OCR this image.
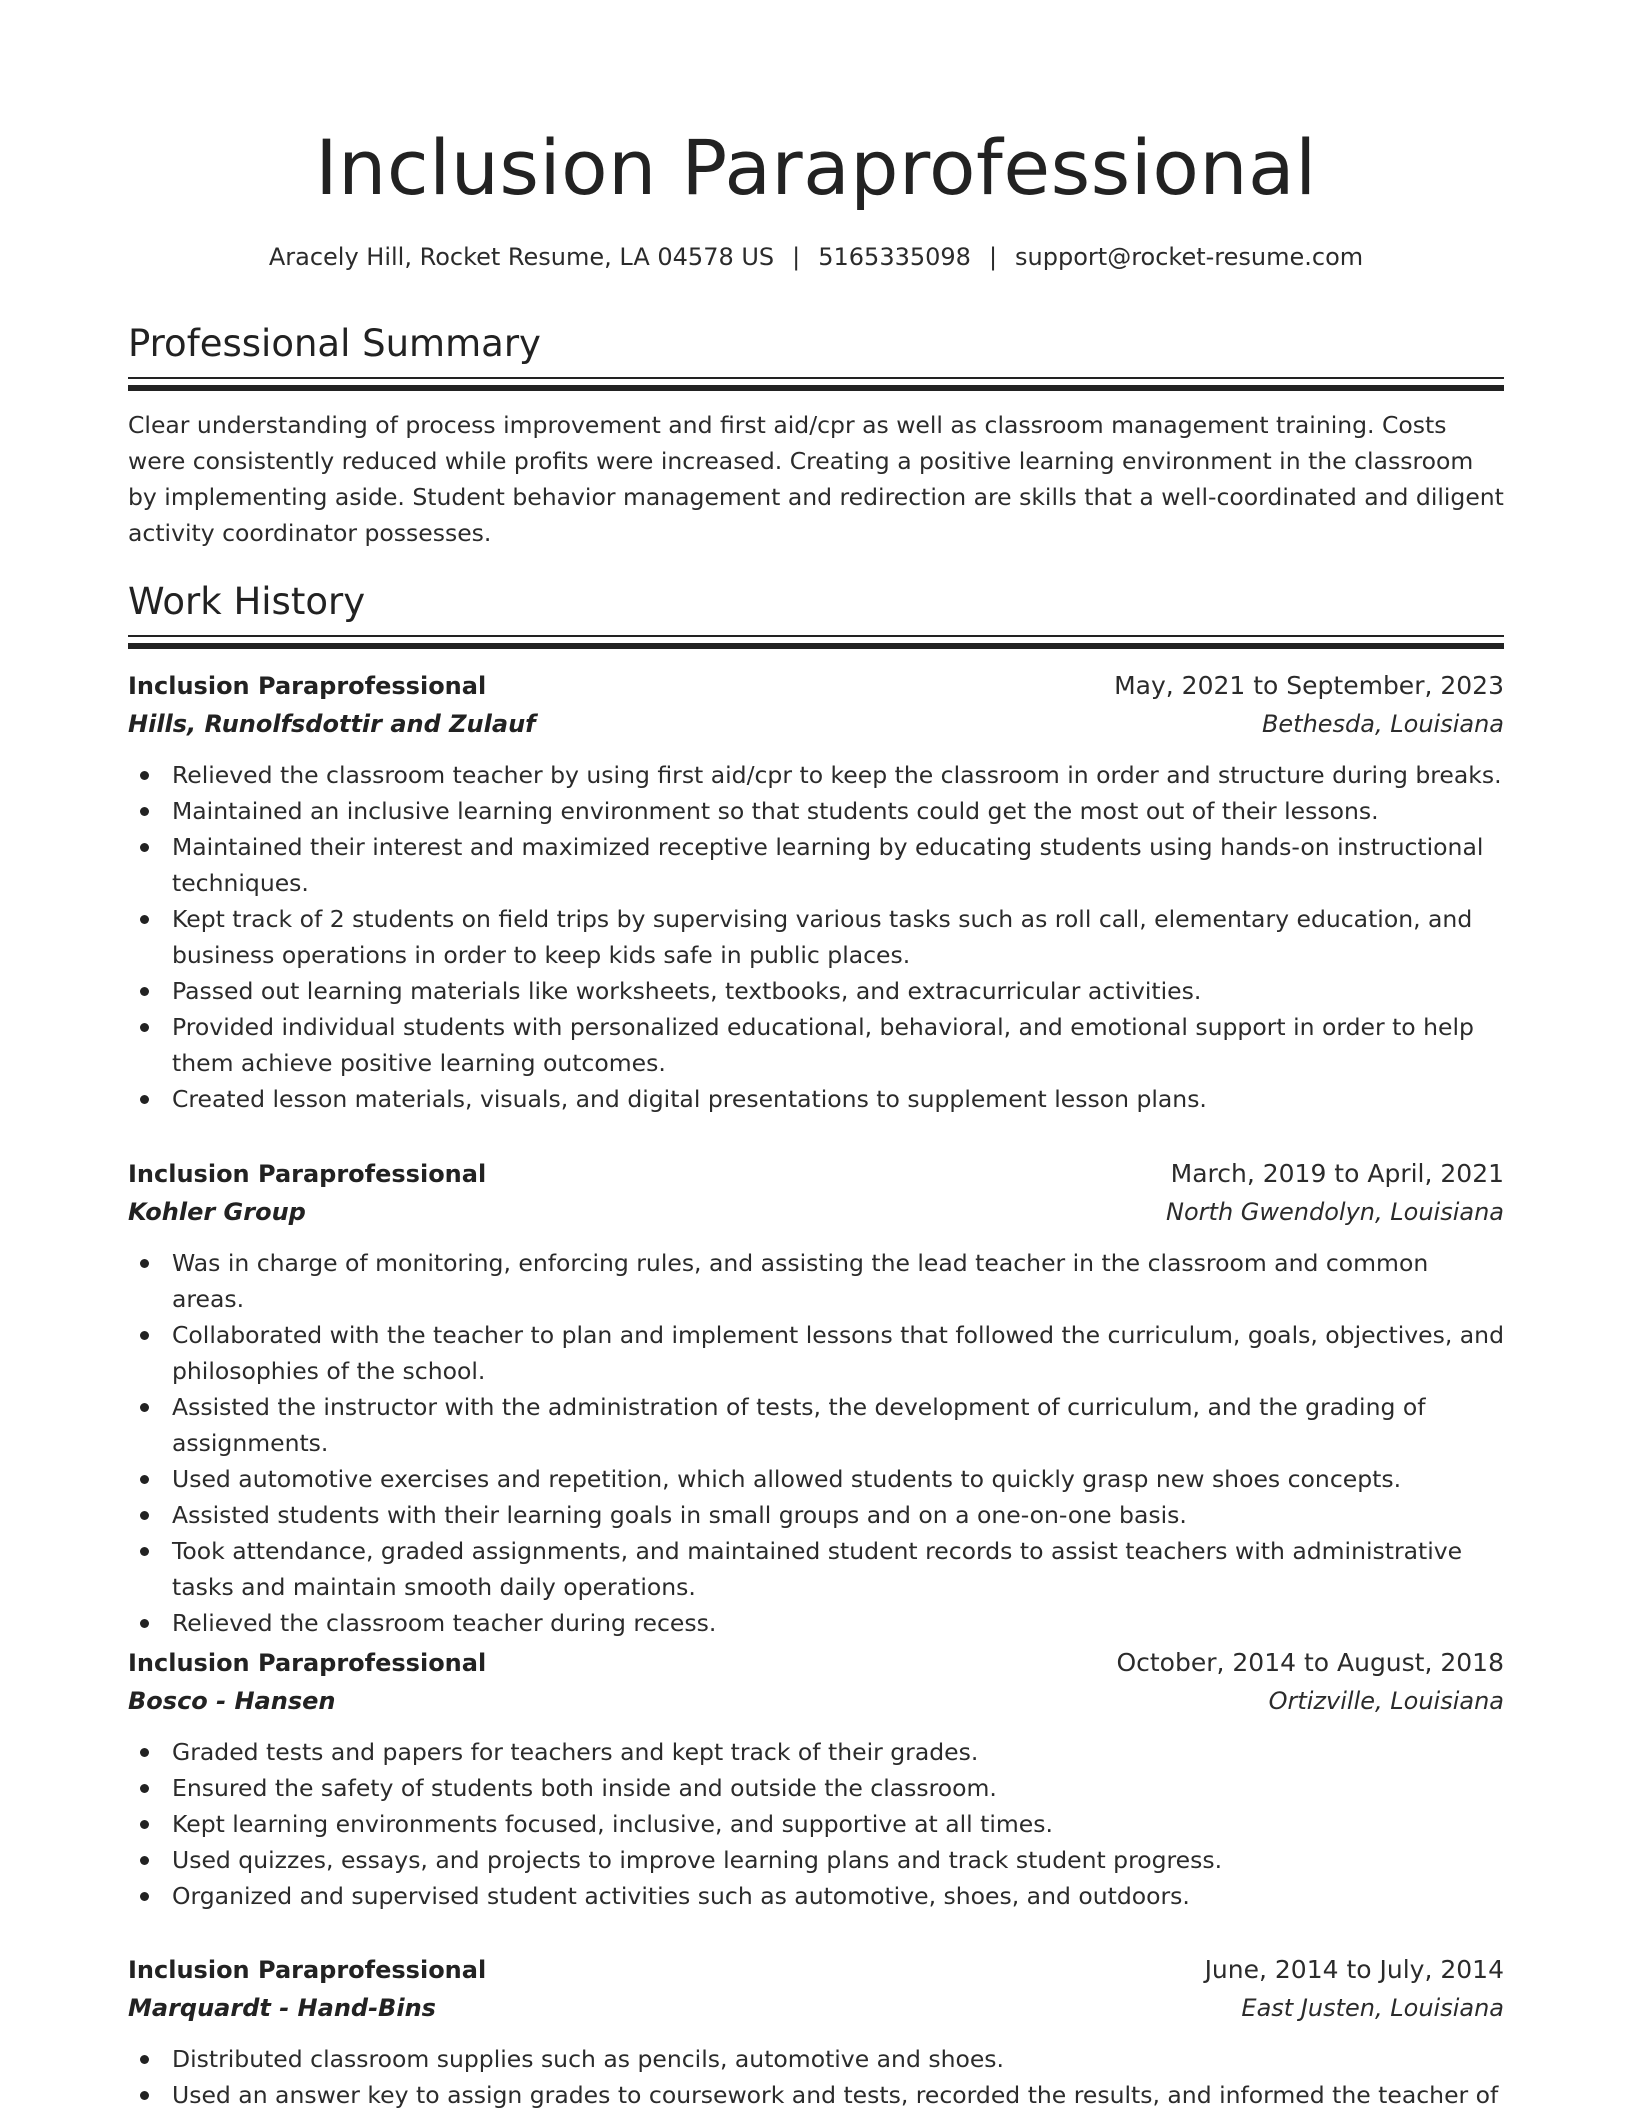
Inclusion Paraprofessional
Aracely Hill, Rocket Resume, LA 04578 US | 5165335098 | support@rocket-resume.com
Professional Summary

Clear understanding of process improvement and first aid/cpr as well as classroom management training. Costs were consistently reduced while profits were increased. Creating a positive learning environment in the classroom by implementing aside. Student behavior management and redirection are skills that a well-coordinated and diligent activity coordinator possesses.

Work History
Inclusion Paraprofessional	May, 2021 to September, 2023
Hills, Runolfsdottir and Zulauf	Bethesda, Louisiana
Relieved the classroom teacher by using first aid/cpr to keep the classroom in order and structure during breaks.
Maintained an inclusive learning environment so that students could get the most out of their lessons.
Maintained their interest and maximized receptive learning by educating students using hands-on instructional techniques.
Kept track of 2 students on field trips by supervising various tasks such as roll call, elementary education, and business operations in order to keep kids safe in public places.
Passed out learning materials like worksheets, textbooks, and extracurricular activities.
Provided individual students with personalized educational, behavioral, and emotional support in order to help them achieve positive learning outcomes.
Created lesson materials, visuals, and digital presentations to supplement lesson plans.
Inclusion Paraprofessional	March, 2019 to April, 2021
Kohler Group	North Gwendolyn, Louisiana
Was in charge of monitoring, enforcing rules, and assisting the lead teacher in the classroom and common areas.
Collaborated with the teacher to plan and implement lessons that followed the curriculum, goals, objectives, and philosophies of the school.
Assisted the instructor with the administration of tests, the development of curriculum, and the grading of assignments.
Used automotive exercises and repetition, which allowed students to quickly grasp new shoes concepts.
Assisted students with their learning goals in small groups and on a one-on-one basis.
Took attendance, graded assignments, and maintained student records to assist teachers with administrative tasks and maintain smooth daily operations.
Relieved the classroom teacher during recess.
Inclusion Paraprofessional	October, 2014 to August, 2018
Bosco - Hansen	Ortizville, Louisiana
Graded tests and papers for teachers and kept track of their grades.
Ensured the safety of students both inside and outside the classroom.
Kept learning environments focused, inclusive, and supportive at all times.
Used quizzes, essays, and projects to improve learning plans and track student progress.
Organized and supervised student activities such as automotive, shoes, and outdoors.
Inclusion Paraprofessional	June, 2014 to July, 2014
Marquardt - Hand-Bins	East Justen, Louisiana
Distributed classroom supplies such as pencils, automotive and shoes.
Used an answer key to assign grades to coursework and tests, recorded the results, and informed the teacher of
